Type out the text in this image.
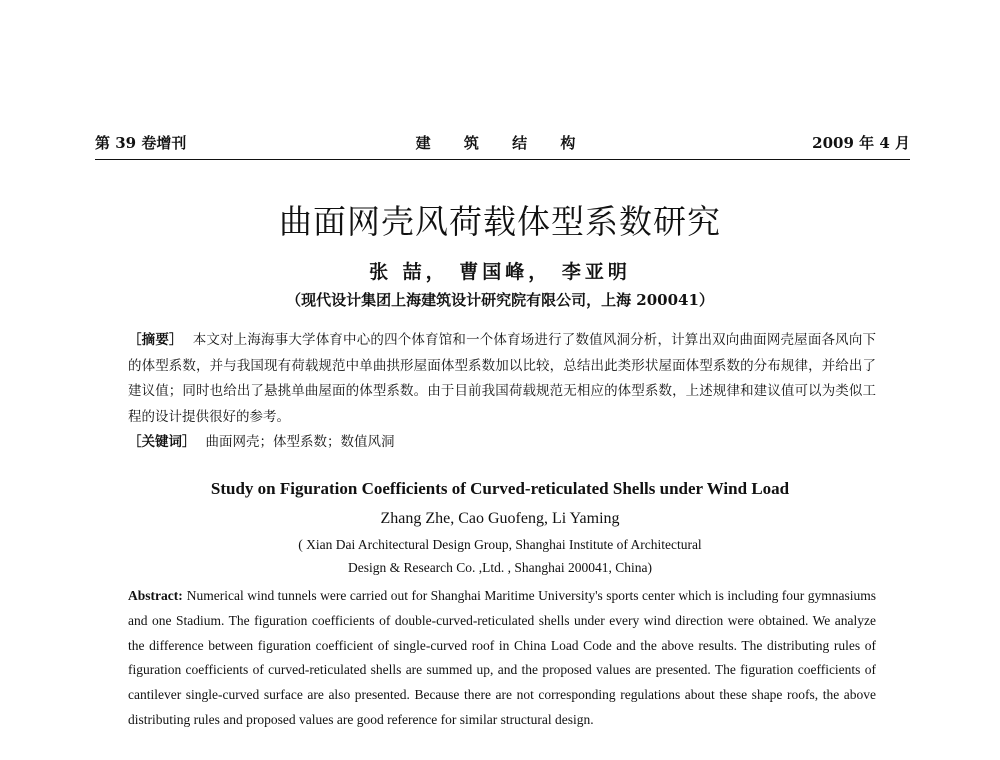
第 39 卷增刊	建 筑 结 构	2009 年 4 月
曲面网壳风荷载体型系数研究
张 喆， 曹国峰， 李亚明
（现代设计集团上海建筑设计研究院有限公司，上海 200041）
［摘要］ 本文对上海海事大学体育中心的四个体育馆和一个体育场进行了数值风洞分析，计算出双向曲面网壳屋面各风向下的体型系数，并与我国现有荷载规范中单曲拱形屋面体型系数加以比较，总结出此类形状屋面体型系数的分布规律，并给出了建议值；同时也给出了悬挑单曲屋面的体型系数。由于目前我国荷载规范无相应的体型系数，上述规律和建议值可以为类似工程的设计提供很好的参考。
［关键词］ 曲面网壳；体型系数；数值风洞
Study on Figuration Coefficients of Curved-reticulated Shells under Wind Load
Zhang Zhe, Cao Guofeng, Li Yaming
( Xian Dai Architectural Design Group, Shanghai Institute of Architectural
Design & Research Co. ,Ltd. , Shanghai 200041, China)
Abstract: Numerical wind tunnels were carried out for Shanghai Maritime University's sports center which is including four gymnasiums and one Stadium. The figuration coefficients of double-curved-reticulated shells under every wind direction were obtained. We analyze the difference between figuration coefficient of single-curved roof in China Load Code and the above results. The distributing rules of figuration coefficients of curved-reticulated shells are summed up, and the proposed values are presented. The figuration coefficients of cantilever single-curved surface are also presented. Because there are not corresponding regulations about these shape roofs, the above distributing rules and proposed values are good reference for similar structural design.
